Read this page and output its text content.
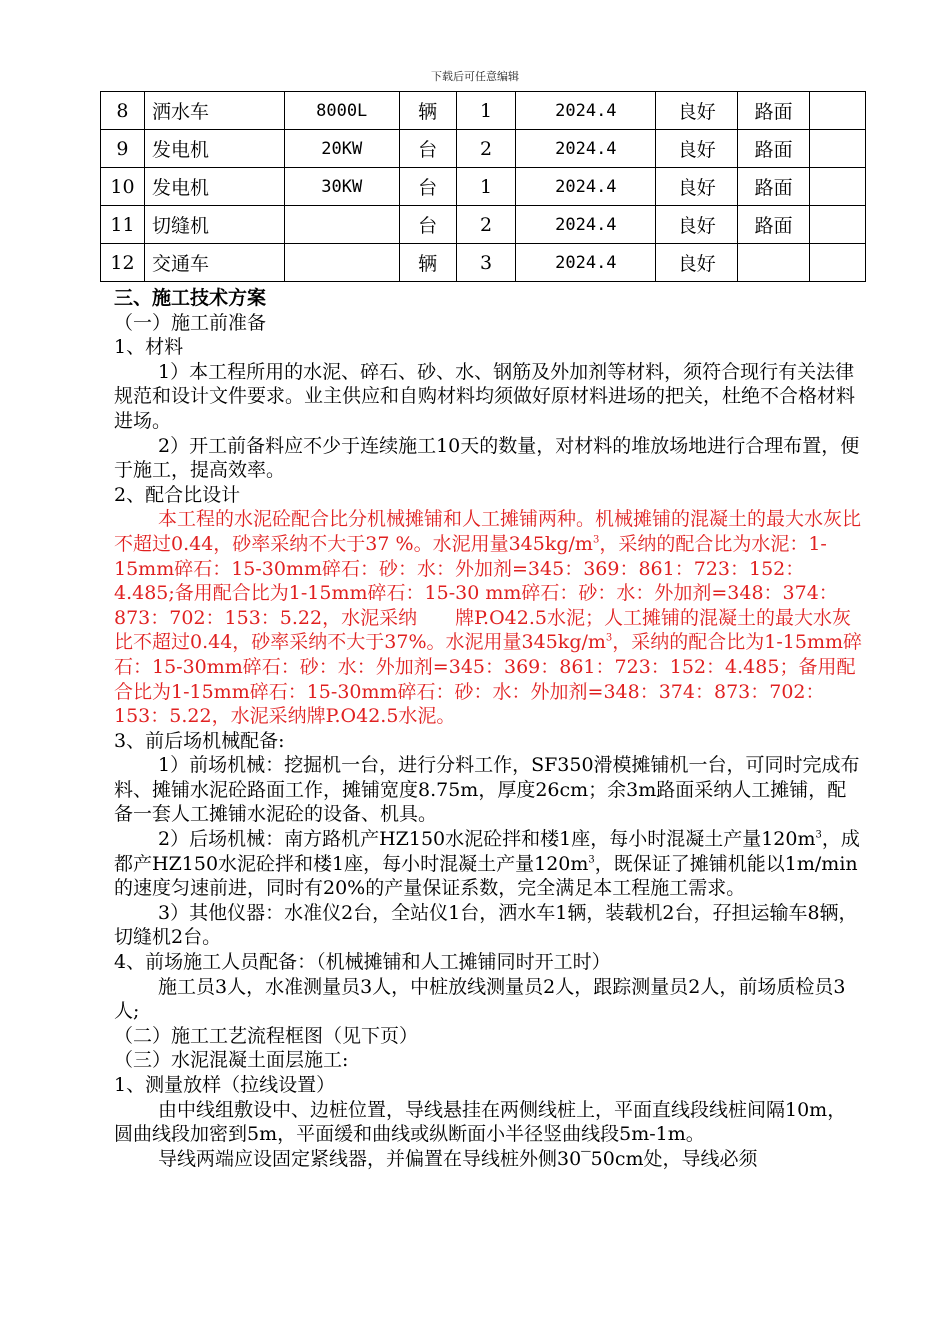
下载后可任意编辑
8	洒水车	8000L	辆	1	2024.4	良好	路面	
9	发电机	20KW	台	2	2024.4	良好	路面	
10	发电机	30KW	台	1	2024.4	良好	路面	
11	切缝机		台	2	2024.4	良好	路面	
12	交通车		辆	3	2024.4	良好		

三、施工技术方案

（一）施工前准备

1、材料

1）本工程所用的水泥、碎石、砂、水、钢筋及外加剂等材料，须符合现行有关法律规范和设计文件要求。业主供应和自购材料均须做好原材料进场的把关，杜绝不合格材料进场。

2）开工前备料应不少于连续施工10天的数量，对材料的堆放场地进行合理布置，便于施工，提高效率。

2、配合比设计

本工程的水泥砼配合比分机械摊铺和人工摊铺两种。机械摊铺的混凝土的最大水灰比不超过0.44，砂率采纳不大于37 %。水泥用量$345kg/m^3$，采纳的配合比为水泥：1-15mm碎石：15-30mm碎石：砂：水：外加剂=345：369：861：723：152：4.485;备用配合比为1-15mm碎石：15-30 mm碎石：砂：水：外加剂=348：374：873：702：153：5.22，水泥采纳　　牌P.O42.5水泥；人工摊铺的混凝土的最大水灰比不超过0.44，砂率采纳不大于37%。水泥用量$345kg/m^3$，采纳的配合比为1-15mm碎石：15-30mm碎石：砂：水：外加剂=345：369：861：723：152：4.485；备用配合比为1-15mm碎石：15-30mm碎石：砂：水：外加剂=348：374：873：702：153：5.22，水泥采纳牌P.O42.5水泥。

3、前后场机械配备:

1）前场机械：挖掘机一台，进行分料工作，SF350滑模摊铺机一台，可同时完成布料、摊铺水泥砼路面工作，摊铺宽度8.75m，厚度26cm；余3m路面采纳人工摊铺，配备一套人工摊铺水泥砼的设备、机具。

2）后场机械：南方路机产HZ150水泥砼拌和楼1座，每小时混凝土产量$120m^3$，成都产HZ150水泥砼拌和楼1座，每小时混凝土产量$120m^3$，既保证了摊铺机能以1m/min的速度匀速前进，同时有20%的产量保证系数，完全满足本工程施工需求。

3）其他仪器：水准仪2台，全站仪1台，洒水车1辆，装载机2台，孖担运输车8辆，切缝机2台。

4、前场施工人员配备：（机械摊铺和人工摊铺同时开工时）

施工员3人，水准测量员3人，中桩放线测量员2人，跟踪测量员2人，前场质检员3人;

（二）施工工艺流程框图（见下页）

（三）水泥混凝土面层施工:

1、测量放样（拉线设置）

由中线组敷设中、边桩位置，导线悬挂在两侧线桩上，平面直线段线桩间隔10m，圆曲线段加密到5m，平面缓和曲线或纵断面小半径竖曲线段5m-1m。

导线两端应设固定紧线器，并偏置在导线桩外侧30‾50cm处，导线必须
